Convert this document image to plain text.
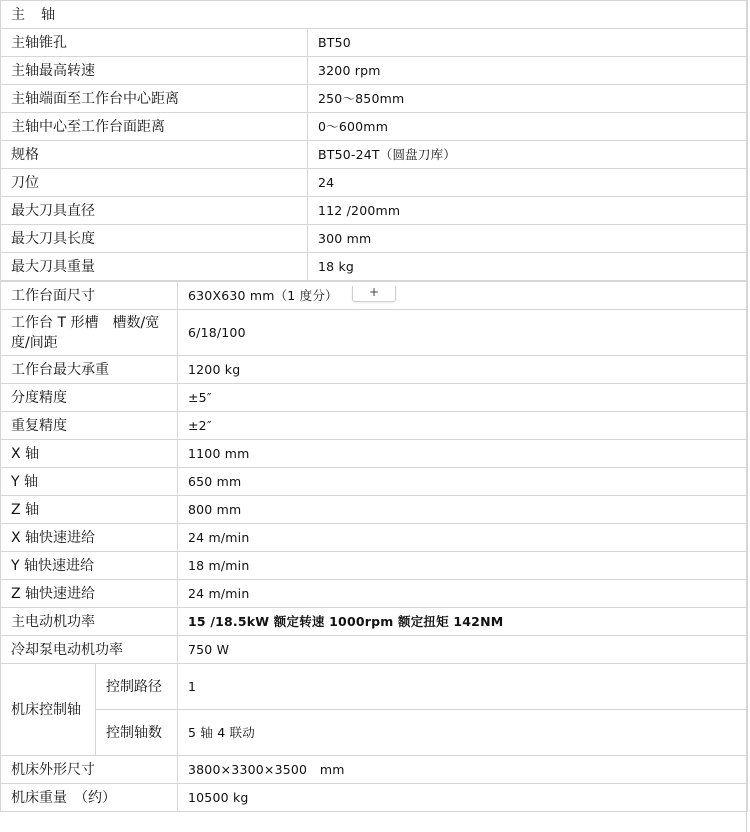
主　轴	
主轴锥孔	BT50
主轴最高转速	3200 rpm
主轴端面至工作台中心距离	250～850mm
主轴中心至工作台面距离	0～600mm
规格	BT50-24T（圆盘刀库）
刀位	24
最大刀具直径	112 /200mm
最大刀具长度	300 mm
最大刀具重量	18 kg
工作台面尺寸		630X630 mm（1 度分）
工作台 T 形槽　槽数/宽度/间距		6/18/100
工作台最大承重		1200 kg
分度精度		±5″
重复精度		±2″
X 轴		1100 mm
Y 轴		650 mm
Z 轴		800 mm
X 轴快速进给		24 m/min
Y 轴快速进给		18 m/min
Z 轴快速进给		24 m/min
主电动机功率		15 /18.5kW 额定转速 1000rpm 额定扭矩 142NM
冷却泵电动机功率		750 W
机床控制轴	控制路径	1
	控制轴数	5 轴 4 联动
机床外形尺寸		3800×3300×3500　mm
机床重量　（约）		10500 kg
+
